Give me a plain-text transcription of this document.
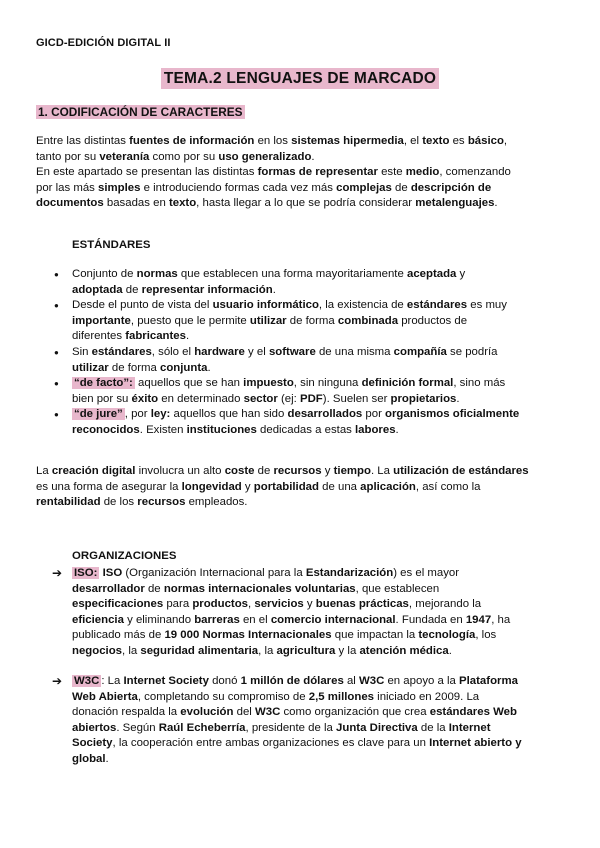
GICD-EDICIÓN DIGITAL II
TEMA.2 LENGUAJES DE MARCADO
1. CODIFICACIÓN DE CARACTERES
Entre las distintas fuentes de información en los sistemas hipermedia, el texto es básico,
tanto por su veteranía como por su uso generalizado.
En este apartado se presentan las distintas formas de representar este medio, comenzando
por las más simples e introduciendo formas cada vez más complejas de descripción de
documentos basadas en texto, hasta llegar a lo que se podría considerar metalenguajes.
ESTÁNDARES
● Conjunto de normas que establecen una forma mayoritariamente aceptada y
adoptada de representar información.
● Desde el punto de vista del usuario informático, la existencia de estándares es muy
importante, puesto que le permite utilizar de forma combinada productos de
diferentes fabricantes.
● Sin estándares, sólo el hardware y el software de una misma compañía se podría
utilizar de forma conjunta.
● “de facto”: aquellos que se han impuesto, sin ninguna definición formal, sino más
bien por su éxito en determinado sector (ej: PDF). Suelen ser propietarios.
● “de jure” , por ley: aquellos que han sido desarrollados por organismos oficialmente
reconocidos. Existen instituciones dedicadas a estas labores.
La creación digital involucra un alto coste de recursos y tiempo. La utilización de estándares
es una forma de asegurar la longevidad y portabilidad de una aplicación, así como la
rentabilidad de los recursos empleados.
ORGANIZACIONES
➔ ISO: ISO (Organización Internacional para la Estandarización) es el mayor
desarrollador de normas internacionales voluntarias, que establecen
especificaciones para productos, servicios y buenas prácticas, mejorando la
eficiencia y eliminando barreras en el comercio internacional. Fundada en 1947, ha
publicado más de 19 000 Normas Internacionales que impactan la tecnología, los
negocios, la seguridad alimentaria, la agricultura y la atención médica.
➔ W3C : La Internet Society donó 1 millón de dólares al W3C en apoyo a la Plataforma
Web Abierta, completando su compromiso de 2,5 millones iniciado en 2009. La
donación respalda la evolución del W3C como organización que crea estándares Web
abiertos. Según Raúl Echeberría, presidente de la Junta Directiva de la Internet
Society, la cooperación entre ambas organizaciones es clave para un Internet abierto y
global.
